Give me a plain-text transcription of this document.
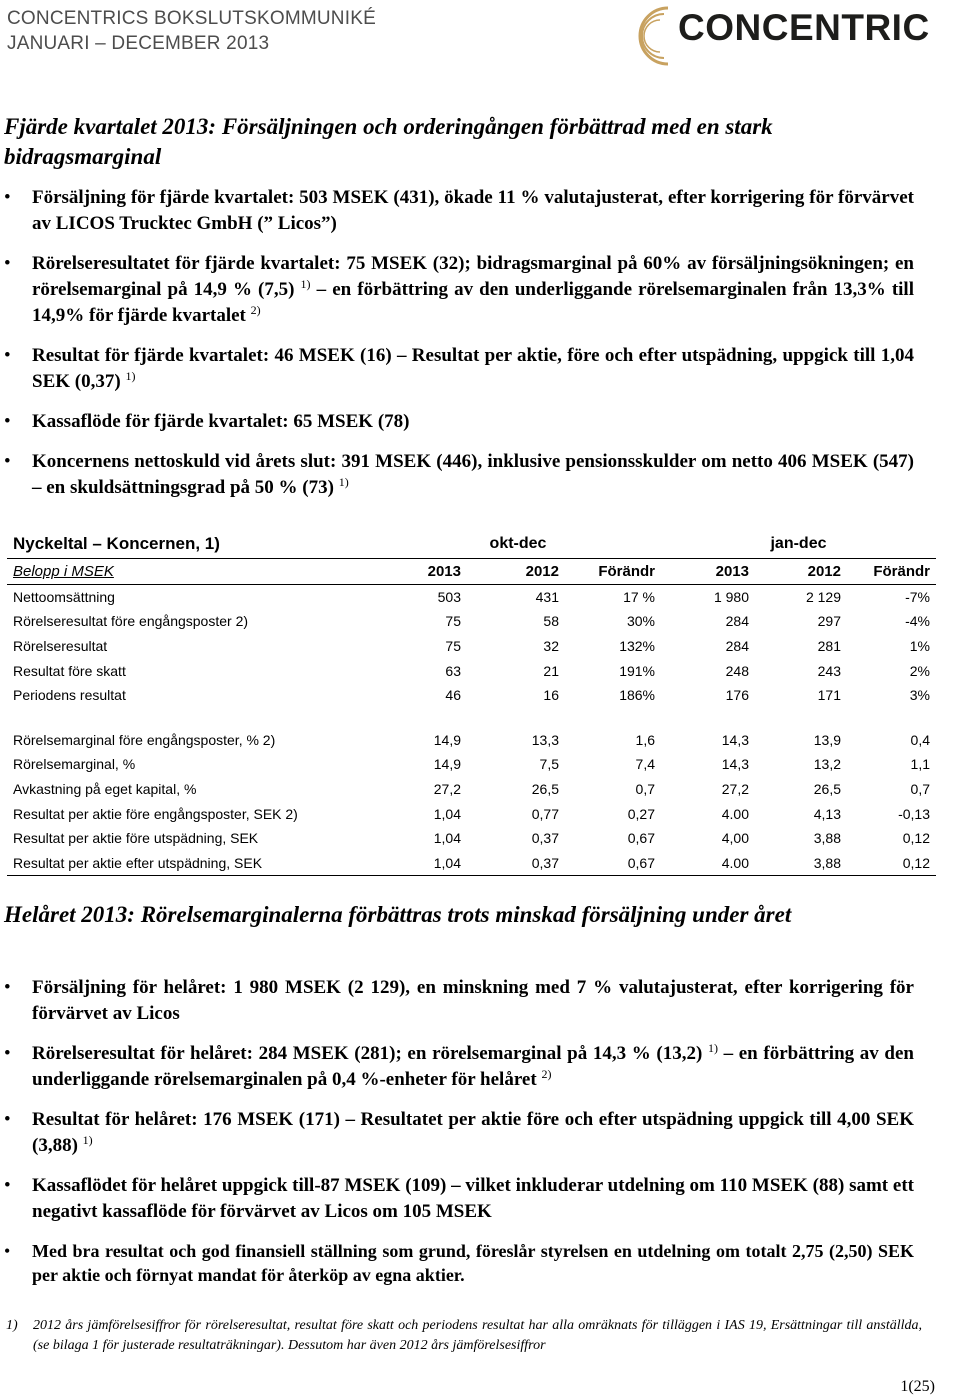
CONCENTRICS BOKSLUTSKOMMUNIKÉ
JANUARI – DECEMBER 2013	CONCENTRIC
Fjärde kvartalet 2013: Försäljningen och orderingången förbättrad med en stark bidragsmarginal
• Försäljning för fjärde kvartalet: 503 MSEK (431), ökade 11 % valutajusterat, efter korrigering för förvärvet av LICOS Trucktec GmbH (” Licos”)
• Rörelseresultatet för fjärde kvartalet: 75 MSEK (32); bidragsmarginal på 60% av försäljningsökningen; en rörelsemarginal på 14,9 % (7,5) $^{1)}$ – en förbättring av den underliggande rörelsemarginalen från 13,3% till 14,9% för fjärde kvartalet $^{2)}$
• Resultat för fjärde kvartalet: 46 MSEK (16) – Resultat per aktie, före och efter utspädning, uppgick till 1,04 SEK (0,37) $^{1)}$
• Kassaflöde för fjärde kvartalet: 65 MSEK (78)
• Koncernens nettoskuld vid årets slut: 391 MSEK (446), inklusive pensionsskulder om netto 406 MSEK (547) – en skuldsättningsgrad på 50 % (73) $^{1)}$
Nyckeltal – Koncernen, 1)	okt-dec			jan-dec		
Belopp i MSEK	2013	2012	Förändr	2013	2012	Förändr
Nettoomsättning	503	431	17 %	1 980	2 129	-7%
Rörelseresultat före engångsposter 2)	75	58	30%	284	297	-4%
Rörelseresultat	75	32	132%	284	281	1%
Resultat före skatt	63	21	191%	248	243	2%
Periodens resultat	46	16	186%	176	171	3%

Rörelsemarginal före engångsposter, % 2)	14,9	13,3	1,6	14,3	13,9	0,4
Rörelsemarginal, %	14,9	7,5	7,4	14,3	13,2	1,1
Avkastning på eget kapital, %	27,2	26,5	0,7	27,2	26,5	0,7
Resultat per aktie före engångsposter, SEK 2)	1,04	0,77	0,27	4.00	4,13	-0,13
Resultat per aktie före utspädning, SEK	1,04	0,37	0,67	4,00	3,88	0,12
Resultat per aktie efter utspädning, SEK	1,04	0,37	0,67	4.00	3,88	0,12
Helåret 2013: Rörelsemarginalerna förbättras trots minskad försäljning under året
• Försäljning för helåret: 1 980 MSEK (2 129), en minskning med 7 % valutajusterat, efter korrigering för förvärvet av Licos
• Rörelseresultat för helåret: 284 MSEK (281); en rörelsemarginal på 14,3 % (13,2) $^{1)}$ – en förbättring av den underliggande rörelsemarginalen på 0,4 %-enheter för helåret $^{2)}$
• Resultat för helåret: 176 MSEK (171) – Resultatet per aktie före och efter utspädning uppgick till 4,00 SEK (3,88) $^{1)}$
• Kassaflödet för helåret uppgick till-87 MSEK (109) – vilket inkluderar utdelning om 110 MSEK (88) samt ett negativt kassaflöde för förvärvet av Licos om 105 MSEK
• Med bra resultat och god finansiell ställning som grund, föreslår styrelsen en utdelning om totalt 2,75 (2,50) SEK per aktie och förnyat mandat för återköp av egna aktier.
1) 2012 års jämförelsesiffror för rörelseresultat, resultat före skatt och periodens resultat har alla omräknats för tilläggen i IAS 19, Ersättningar till anställda, (se bilaga 1 för justerade resultaträkningar). Dessutom har även 2012 års jämförelsesiffror
1(25)
